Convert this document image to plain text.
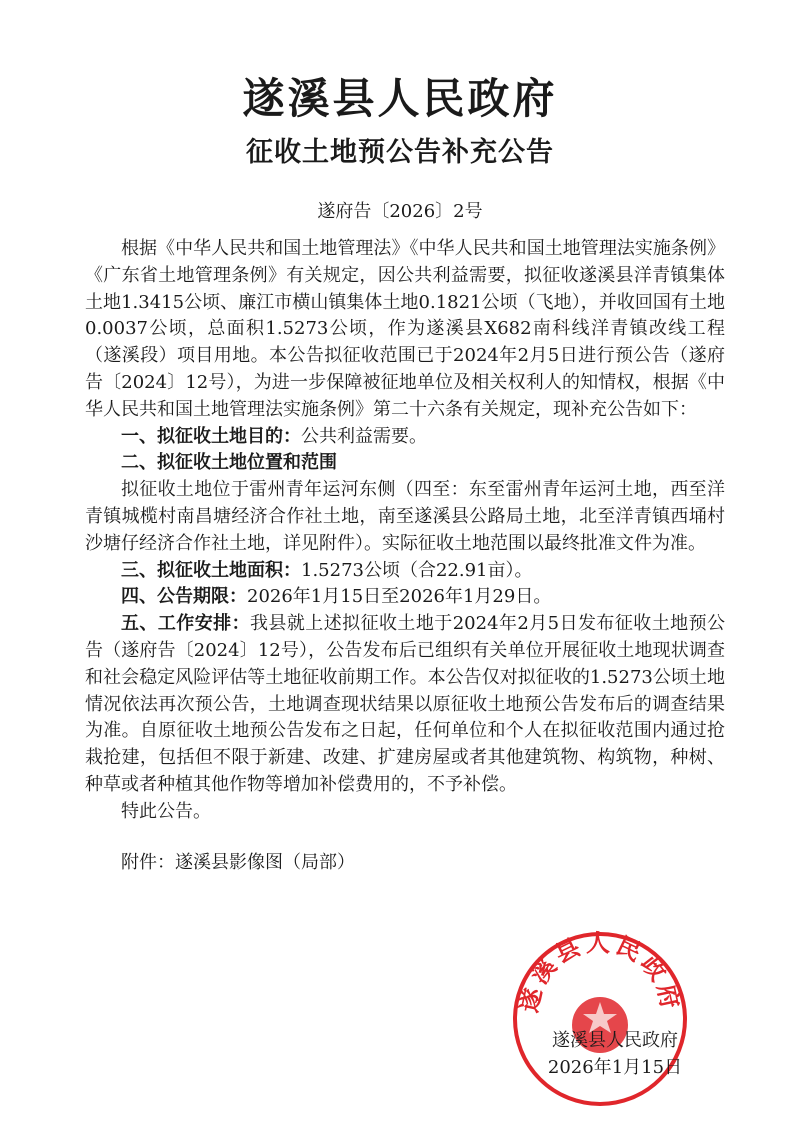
遂溪县人民政府
征收土地预公告补充公告
遂府告〔2026〕2号

根据《中华人民共和国土地管理法》《中华人民共和国土地管理法实施条例》《广东省土地管理条例》有关规定，因公共利益需要，拟征收遂溪县洋青镇集体土地1.3415公顷、廉江市横山镇集体土地0.1821公顷（飞地），并收回国有土地0.0037公顷，总面积1.5273公顷，作为遂溪县X682南科线洋青镇改线工程（遂溪段）项目用地。本公告拟征收范围已于2024年2月5日进行预公告（遂府告〔2024〕12号），为进一步保障被征地单位及相关权利人的知情权，根据《中华人民共和国土地管理法实施条例》第二十六条有关规定，现补充公告如下：

一、拟征收土地目的：公共利益需要。

二、拟征收土地位置和范围

拟征收土地位于雷州青年运河东侧（四至：东至雷州青年运河土地，西至洋青镇城榄村南昌塘经济合作社土地，南至遂溪县公路局土地，北至洋青镇西埇村沙塘仔经济合作社土地，详见附件）。实际征收土地范围以最终批准文件为准。

三、拟征收土地面积：1.5273公顷（合22.91亩）。

四、公告期限：2026年1月15日至2026年1月29日。

五、工作安排：我县就上述拟征收土地于2024年2月5日发布征收土地预公告（遂府告〔2024〕12号），公告发布后已组织有关单位开展征收土地现状调查和社会稳定风险评估等土地征收前期工作。本公告仅对拟征收的1.5273公顷土地情况依法再次预公告，土地调查现状结果以原征收土地预公告发布后的调查结果为准。自原征收土地预公告发布之日起，任何单位和个人在拟征收范围内通过抢栽抢建，包括但不限于新建、改建、扩建房屋或者其他建筑物、构筑物，种树、种草或者种植其他作物等增加补偿费用的，不予补偿。

特此公告。

附件：遂溪县影像图（局部）

遂溪县人民政府
遂溪县人民政府
2026年1月15日
